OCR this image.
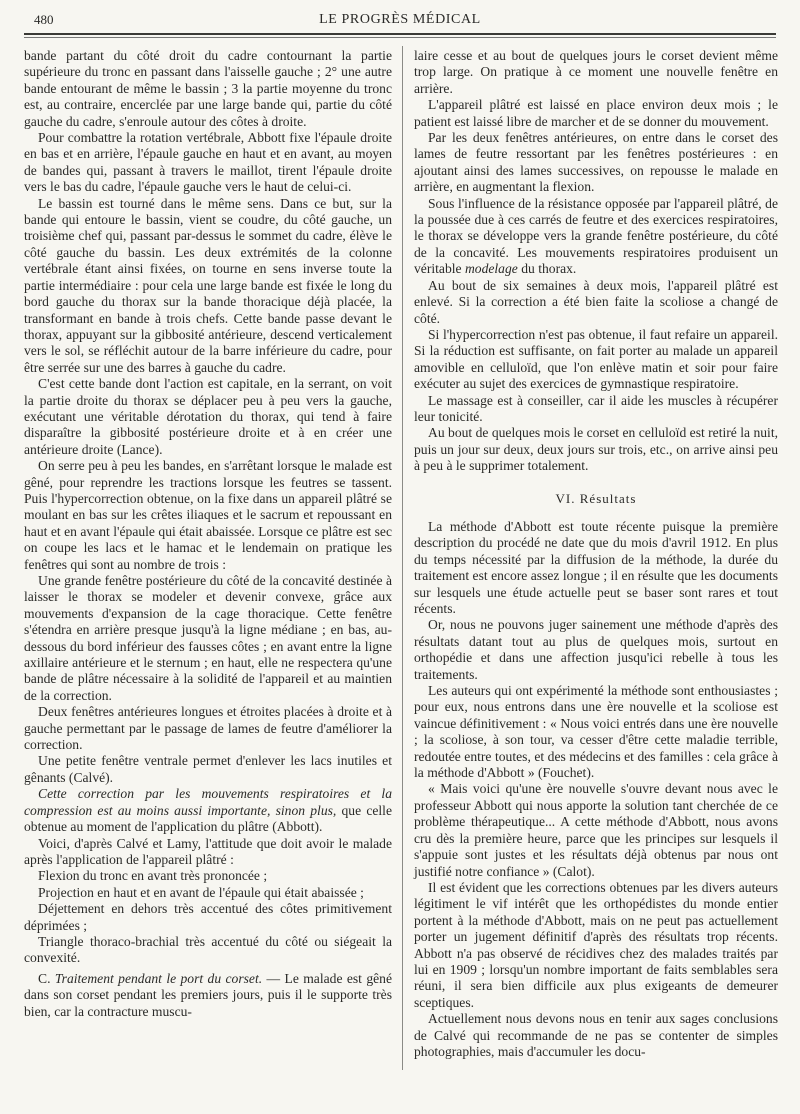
480	LE PROGRÈS MÉDICAL

bande partant du côté droit du cadre contournant la partie supérieure du tronc en passant dans l'aisselle gauche ; 2° une autre bande entourant de même le bassin ; 3 la partie moyenne du tronc est, au contraire, encerclée par une large bande qui, partie du côté gauche du cadre, s'enroule autour des côtes à droite.

Pour combattre la rotation vertébrale, Abbott fixe l'épaule droite en bas et en arrière, l'épaule gauche en haut et en avant, au moyen de bandes qui, passant à travers le maillot, tirent l'épaule droite vers le bas du cadre, l'épaule gauche vers le haut de celui-ci.

Le bassin est tourné dans le même sens. Dans ce but, sur la bande qui entoure le bassin, vient se coudre, du côté gauche, un troisième chef qui, passant par-dessus le sommet du cadre, élève le côté gauche du bassin. Les deux extrémités de la colonne vertébrale étant ainsi fixées, on tourne en sens inverse toute la partie intermédiaire : pour cela une large bande est fixée le long du bord gauche du thorax sur la bande thoracique déjà placée, la transformant en bande à trois chefs. Cette bande passe devant le thorax, appuyant sur la gibbosité antérieure, descend verticalement vers le sol, se réfléchit autour de la barre inférieure du cadre, pour être serrée sur une des barres à gauche du cadre.

C'est cette bande dont l'action est capitale, en la serrant, on voit la partie droite du thorax se déplacer peu à peu vers la gauche, exécutant une véritable dérotation du thorax, qui tend à faire disparaître la gibbosité postérieure droite et à en créer une antérieure droite (Lance).

On serre peu à peu les bandes, en s'arrêtant lorsque le malade est gêné, pour reprendre les tractions lorsque les feutres se tassent. Puis l'hypercorrection obtenue, on la fixe dans un appareil plâtré se moulant en bas sur les crêtes iliaques et le sacrum et repoussant en haut et en avant l'épaule qui était abaissée. Lorsque ce plâtre est sec on coupe les lacs et le hamac et le lendemain on pratique les fenêtres qui sont au nombre de trois :

Une grande fenêtre postérieure du côté de la concavité destinée à laisser le thorax se modeler et devenir convexe, grâce aux mouvements d'expansion de la cage thoracique. Cette fenêtre s'étendra en arrière presque jusqu'à la ligne médiane ; en bas, au-dessous du bord inférieur des fausses côtes ; en avant entre la ligne axillaire antérieure et le sternum ; en haut, elle ne respectera qu'une bande de plâtre nécessaire à la solidité de l'appareil et au maintien de la correction.

Deux fenêtres antérieures longues et étroites placées à droite et à gauche permettant par le passage de lames de feutre d'améliorer la correction.

Une petite fenêtre ventrale permet d'enlever les lacs inutiles et gênants (Calvé).

Cette correction par les mouvements respiratoires et la compression est au moins aussi importante, sinon plus, que celle obtenue au moment de l'application du plâtre (Abbott).

Voici, d'après Calvé et Lamy, l'attitude que doit avoir le malade après l'application de l'appareil plâtré :

Flexion du tronc en avant très prononcée ;

Projection en haut et en avant de l'épaule qui était abaissée ;

Déjettement en dehors très accentué des côtes primitivement déprimées ;

Triangle thoraco-brachial très accentué du côté ou siégeait la convexité.

C. Traitement pendant le port du corset. — Le malade est gêné dans son corset pendant les premiers jours, puis il le supporte très bien, car la contracture muscu-

laire cesse et au bout de quelques jours le corset devient même trop large. On pratique à ce moment une nouvelle fenêtre en arrière.

L'appareil plâtré est laissé en place environ deux mois ; le patient est laissé libre de marcher et de se donner du mouvement.

Par les deux fenêtres antérieures, on entre dans le corset des lames de feutre ressortant par les fenêtres postérieures : en ajoutant ainsi des lames successives, on repousse le malade en arrière, en augmentant la flexion.

Sous l'influence de la résistance opposée par l'appareil plâtré, de la poussée due à ces carrés de feutre et des exercices respiratoires, le thorax se développe vers la grande fenêtre postérieure, du côté de la concavité. Les mouvements respiratoires produisent un véritable modelage du thorax.

Au bout de six semaines à deux mois, l'appareil plâtré est enlevé. Si la correction a été bien faite la scoliose a changé de côté.

Si l'hypercorrection n'est pas obtenue, il faut refaire un appareil. Si la réduction est suffisante, on fait porter au malade un appareil amovible en celluloïd, que l'on enlève matin et soir pour faire exécuter au sujet des exercices de gymnastique respiratoire.

Le massage est à conseiller, car il aide les muscles à récupérer leur tonicité.

Au bout de quelques mois le corset en celluloïd est retiré la nuit, puis un jour sur deux, deux jours sur trois, etc., on arrive ainsi peu à peu à le supprimer totalement.

VI. Résultats

La méthode d'Abbott est toute récente puisque la première description du procédé ne date que du mois d'avril 1912. En plus du temps nécessité par la diffusion de la méthode, la durée du traitement est encore assez longue ; il en résulte que les documents sur lesquels une étude actuelle peut se baser sont rares et tout récents.

Or, nous ne pouvons juger sainement une méthode d'après des résultats datant tout au plus de quelques mois, surtout en orthopédie et dans une affection jusqu'ici rebelle à tous les traitements.

Les auteurs qui ont expérimenté la méthode sont enthousiastes ; pour eux, nous entrons dans une ère nouvelle et la scoliose est vaincue définitivement : « Nous voici entrés dans une ère nouvelle ; la scoliose, à son tour, va cesser d'être cette maladie terrible, redoutée entre toutes, et des médecins et des familles : cela grâce à la méthode d'Abbott » (Fouchet).

« Mais voici qu'une ère nouvelle s'ouvre devant nous avec le professeur Abbott qui nous apporte la solution tant cherchée de ce problème thérapeutique... A cette méthode d'Abbott, nous avons cru dès la première heure, parce que les principes sur lesquels il s'appuie sont justes et les résultats déjà obtenus par nous ont justifié notre confiance » (Calot).

Il est évident que les corrections obtenues par les divers auteurs légitiment le vif intérêt que les orthopédistes du monde entier portent à la méthode d'Abbott, mais on ne peut pas actuellement porter un jugement définitif d'après des résultats trop récents. Abbott n'a pas observé de récidives chez des malades traités par lui en 1909 ; lorsqu'un nombre important de faits semblables sera réuni, il sera bien difficile aux plus exigeants de demeurer sceptiques.

Actuellement nous devons nous en tenir aux sages conclusions de Calvé qui recommande de ne pas se contenter de simples photographies, mais d'accumuler les docu-
